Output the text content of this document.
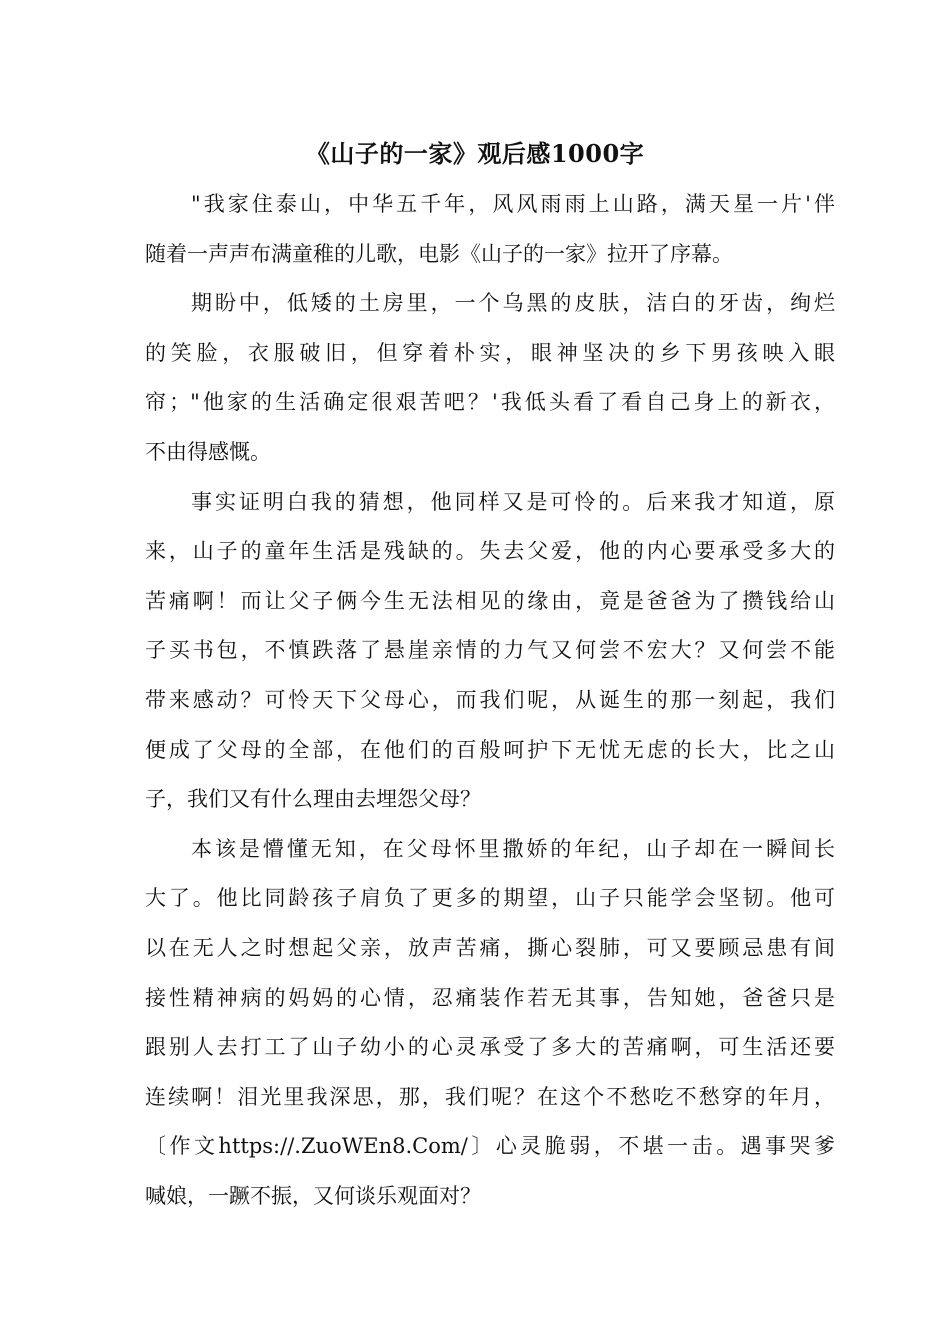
《山子的一家》观后感1000字
"我家住泰山，中华五千年，风风雨雨上山路，满天星一片'伴
随着一声声布满童稚的儿歌，电影《山子的一家》拉开了序幕。
期盼中，低矮的土房里，一个乌黑的皮肤，洁白的牙齿，绚烂
的笑脸，衣服破旧，但穿着朴实，眼神坚决的乡下男孩映入眼
帘；"他家的生活确定很艰苦吧？'我低头看了看自己身上的新衣，
不由得感慨。
事实证明白我的猜想，他同样又是可怜的。后来我才知道，原
来，山子的童年生活是残缺的。失去父爱，他的内心要承受多大的
苦痛啊！而让父子俩今生无法相见的缘由，竟是爸爸为了攒钱给山
子买书包，不慎跌落了悬崖亲情的力气又何尝不宏大？又何尝不能
带来感动？可怜天下父母心，而我们呢，从诞生的那一刻起，我们
便成了父母的全部，在他们的百般呵护下无忧无虑的长大，比之山
子，我们又有什么理由去埋怨父母？
本该是懵懂无知，在父母怀里撒娇的年纪，山子却在一瞬间长
大了。他比同龄孩子肩负了更多的期望，山子只能学会坚韧。他可
以在无人之时想起父亲，放声苦痛，撕心裂肺，可又要顾忌患有间
接性精神病的妈妈的心情，忍痛装作若无其事，告知她，爸爸只是
跟别人去打工了山子幼小的心灵承受了多大的苦痛啊，可生活还要
连续啊！泪光里我深思，那，我们呢？在这个不愁吃不愁穿的年月，
〔作文https://.ZuoWEn8.Com/〕心灵脆弱，不堪一击。遇事哭爹
喊娘，一蹶不振，又何谈乐观面对？
